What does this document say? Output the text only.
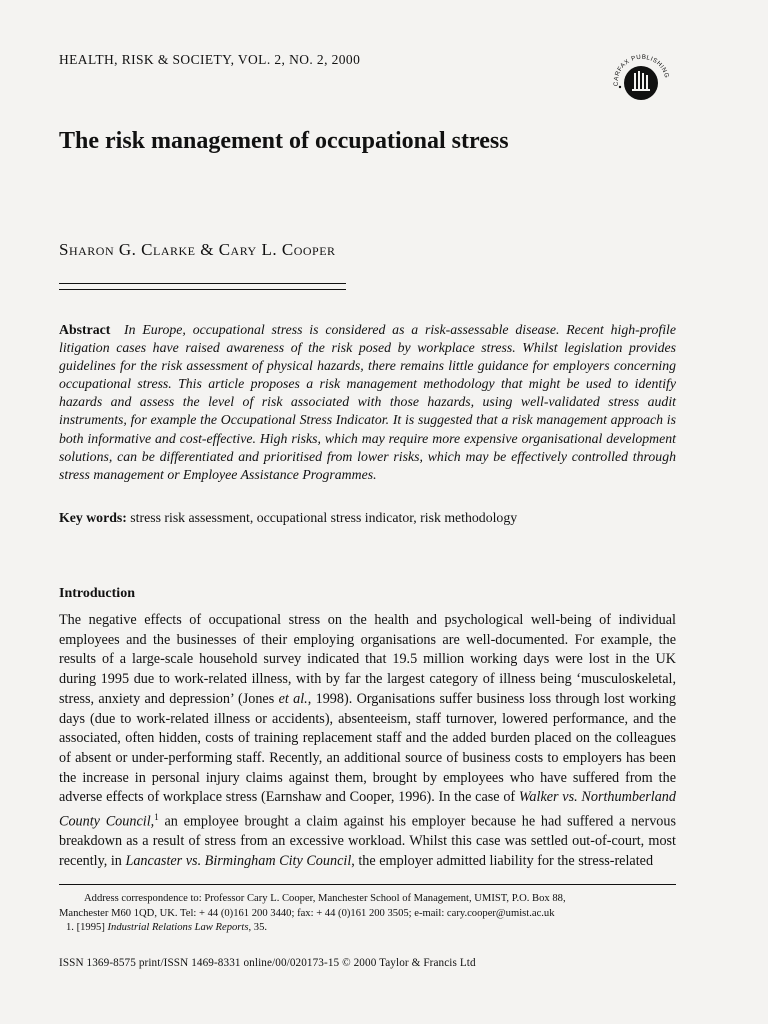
HEALTH, RISK & SOCIETY, VOL. 2, NO. 2, 2000
CARFAX PUBLISHING
The risk management of occupational stress
Sharon G. Clarke & Cary L. Cooper

Abstract In Europe, occupational stress is considered as a risk-assessable disease. Recent high-profile litigation cases have raised awareness of the risk posed by workplace stress. Whilst legislation provides guidelines for the risk assessment of physical hazards, there remains little guidance for employers concerning occupational stress. This article proposes a risk management methodology that might be used to identify hazards and assess the level of risk associated with those hazards, using well-validated stress audit instruments, for example the Occupational Stress Indicator. It is suggested that a risk management approach is both informative and cost-effective. High risks, which may require more expensive organisational development solutions, can be differentiated and prioritised from lower risks, which may be effectively controlled through stress management or Employee Assistance Programmes.

Key words: stress risk assessment, occupational stress indicator, risk methodology

Introduction

The negative effects of occupational stress on the health and psychological well-being of individual employees and the businesses of their employing organisations are well-documented. For example, the results of a large-scale household survey indicated that 19.5 million working days were lost in the UK during 1995 due to work-related illness, with by far the largest category of illness being ‘musculoskeletal, stress, anxiety and depression’ (Jones et al., 1998). Organisations suffer business loss through lost working days (due to work-related illness or accidents), absenteeism, staff turnover, lowered performance, and the associated, often hidden, costs of training replacement staff and the added burden placed on the colleagues of absent or under-performing staff. Recently, an additional source of business costs to employers has been the increase in personal injury claims against them, brought by employees who have suffered from the adverse effects of workplace stress (Earnshaw and Cooper, 1996). In the case of Walker vs. Northumberland County Council,$^1$ an employee brought a claim against his employer because he had suffered a nervous breakdown as a result of stress from an excessive workload. Whilst this case was settled out-of-court, most recently, in Lancaster vs. Birmingham City Council, the employer admitted liability for the stress-related

Address correspondence to: Professor Cary L. Cooper, Manchester School of Management, UMIST, P.O. Box 88,
Manchester M60 1QD, UK. Tel: + 44 (0)161 200 3440; fax: + 44 (0)161 200 3505; e-mail: cary.cooper@umist.ac.uk

1. [1995] Industrial Relations Law Reports, 35.

ISSN 1369-8575 print/ISSN 1469-8331 online/00/020173-15 © 2000 Taylor & Francis Ltd
